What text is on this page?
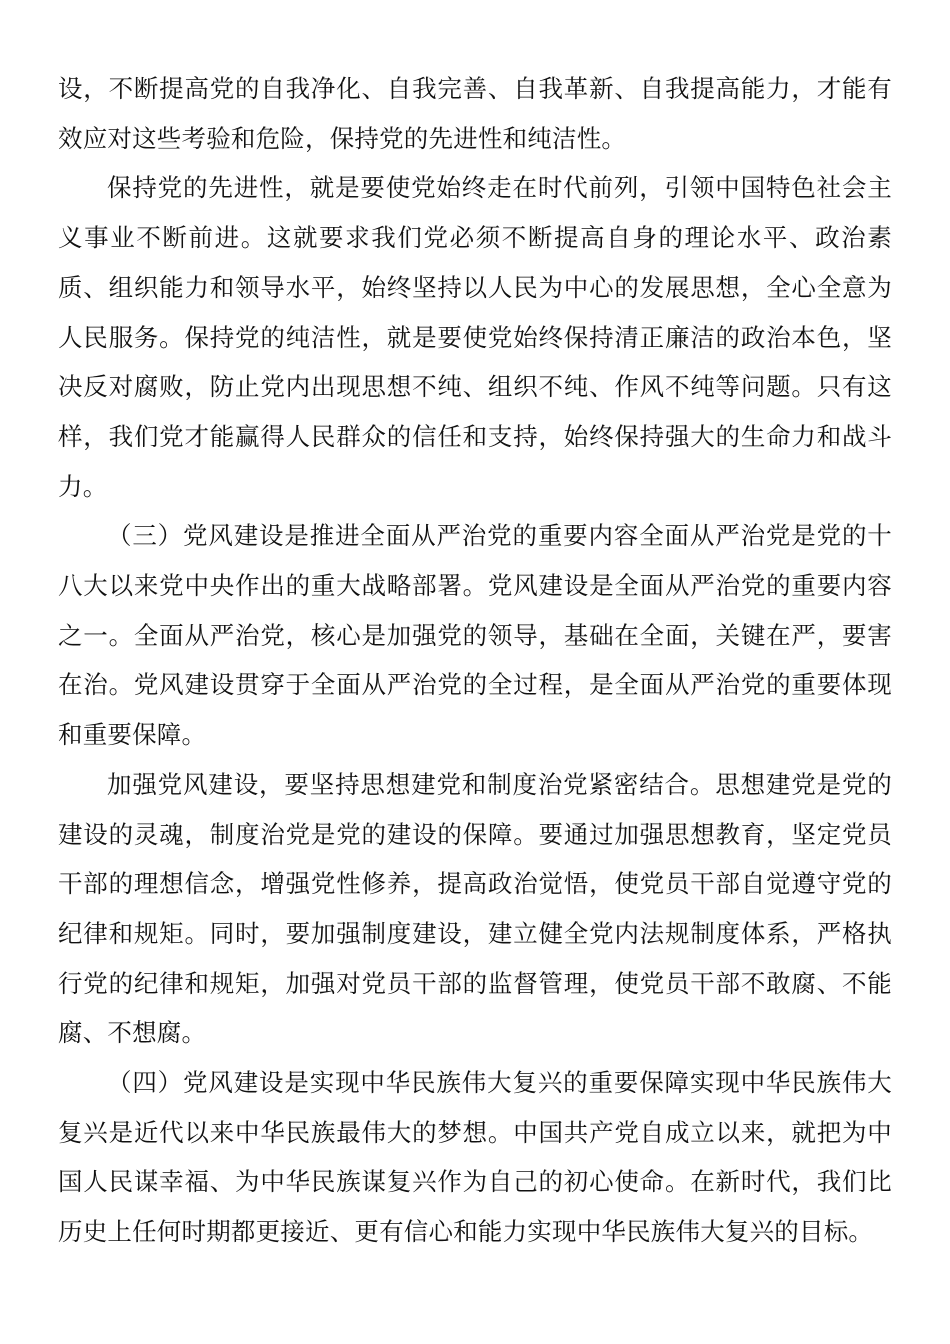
设，不断提高党的自我净化、自我完善、自我革新、自我提高能力，才能有效应对这些考验和危险，保持党的先进性和纯洁性。

保持党的先进性，就是要使党始终走在时代前列，引领中国特色社会主义事业不断前进。这就要求我们党必须不断提高自身的理论水平、政治素质、组织能力和领导水平，始终坚持以人民为中心的发展思想，全心全意为人民服务。保持党的纯洁性，就是要使党始终保持清正廉洁的政治本色，坚决反对腐败，防止党内出现思想不纯、组织不纯、作风不纯等问题。只有这样，我们党才能赢得人民群众的信任和支持，始终保持强大的生命力和战斗力。

（三）党风建设是推进全面从严治党的重要内容全面从严治党是党的十八大以来党中央作出的重大战略部署。党风建设是全面从严治党的重要内容之一。全面从严治党，核心是加强党的领导，基础在全面，关键在严，要害在治。党风建设贯穿于全面从严治党的全过程，是全面从严治党的重要体现和重要保障。

加强党风建设，要坚持思想建党和制度治党紧密结合。思想建党是党的建设的灵魂，制度治党是党的建设的保障。要通过加强思想教育，坚定党员干部的理想信念，增强党性修养，提高政治觉悟，使党员干部自觉遵守党的纪律和规矩。同时，要加强制度建设，建立健全党内法规制度体系，严格执行党的纪律和规矩，加强对党员干部的监督管理，使党员干部不敢腐、不能腐、不想腐。

（四）党风建设是实现中华民族伟大复兴的重要保障实现中华民族伟大复兴是近代以来中华民族最伟大的梦想。中国共产党自成立以来，就把为中国人民谋幸福、为中华民族谋复兴作为自己的初心使命。在新时代，我们比历史上任何时期都更接近、更有信心和能力实现中华民族伟大复兴的目标。
